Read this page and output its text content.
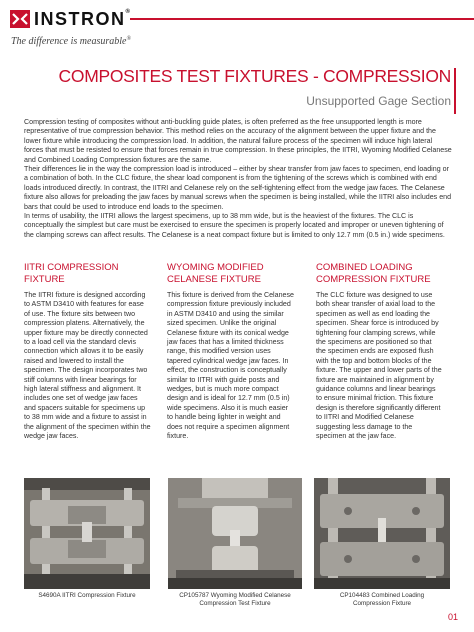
INSTRON®
The difference is measurable®
COMPOSITES TEST FIXTURES - COMPRESSION
Unsupported Gage Section

Compression testing of composites without anti-buckling guide plates, is often preferred as the free unsupported length is more representative of true compression behavior. This method relies on the accuracy of the alignment between the upper fixture and the lower fixture while introducing the compression load. In addition, the natural failure process of the specimen will induce high lateral forces that must be resisted to ensure that forces remain in true compression. In these principles, the IITRI, Wyoming Modified Celanese and Combined Loading Compression fixtures are the same.

Their differences lie in the way the compression load is introduced – either by shear transfer from jaw faces to specimen, end loading or a combination of both. In the CLC fixture, the shear load component is from the tightening of the screws which is combined with end loads introduced directly. In contrast, the IITRI and Celanese rely on the self-tightening effect from the wedge jaw faces. The Celanese fixture also allows for preloading the jaw faces by manual screws when the specimen is being installed, while the IITRI also includes end bars that could be used to introduce end loads to the specimen.

In terms of usability, the IITRI allows the largest specimens, up to 38 mm wide, but is the heaviest of the fixtures. The CLC is conceptually the simplest but care must be exercised to ensure the specimen is properly located and improper or uneven tightening of the clamping screws can affect results. The Celanese is a neat compact fixture but is limited to only 12.7 mm (0.5 in.) wide specimens.

IITRI COMPRESSION
FIXTURE
The IITRI fixture is designed according to ASTM D3410 with features for ease of use. The fixture sits between two compression platens. Alternatively, the upper fixture may be directly connected to a load cell via the standard clevis connection which allows it to be easily raised and lowered to install the specimen. The design incorporates two stiff columns with linear bearings for high lateral stiffness and alignment. It includes one set of wedge jaw faces and spacers suitable for specimens up to 38 mm wide and a fixture to assist in the alignment of the specimen within the wedge jaw faces.
WYOMING MODIFIED
CELANESE FIXTURE
This fixture is derived from the Celanese compression fixture previously included in ASTM D3410 and using the similar sized specimen. Unlike the original Celanese fixture with its conical wedge jaw faces that has a limited thickness range, this modified version uses tapered cylindrical wedge jaw faces. In effect, the construction is conceptually similar to IITRI with guide posts and wedges, but is much more compact design and is ideal for 12.7 mm (0.5 in) wide specimens. Also it is much easier to handle being lighter in weight and does not require a specimen alignment fixture.
COMBINED LOADING
COMPRESSION FIXTURE
The CLC fixture was designed to use both shear transfer of axial load to the specimen as well as end loading the specimen. Shear force is introduced by tightening four clamping screws, while the specimens are positioned so that the specimen ends are exposed flush with the top and bottom blocks of the fixture. The upper and lower parts of the fixture are maintained in alignment by guidance columns and linear bearings to ensure minimal friction. This fixture design is therefore significantly different to IITRI and Modified Celanese suggesting less damage to the specimen at the jaw face.
S4690A IITRI Compression Fixture	CP105787 Wyoming Modified Celanese
Compression Test Fixture
CP104483 Combined Loading
Compression Fixture
01
